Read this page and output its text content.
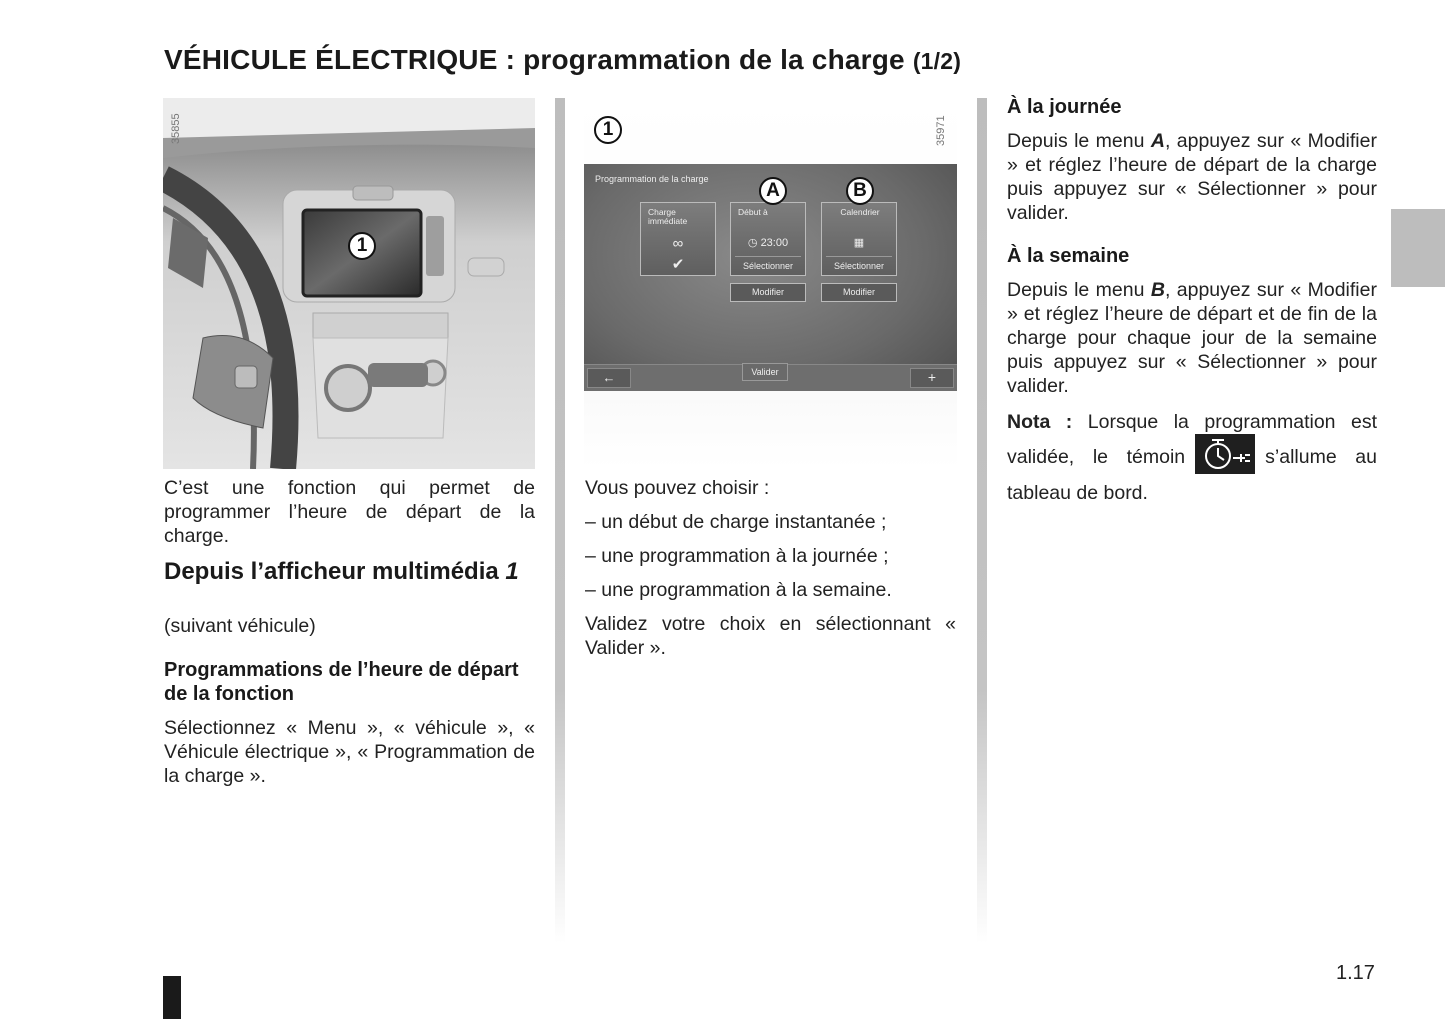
VÉHICULE ÉLECTRIQUE : programmation de la charge (1/2)
1
35855
C’est une fonction qui permet de programmer l’heure de départ de la charge.
Depuis l’afficheur multimédia 1
(suivant véhicule)
Programmations de l’heure de départ de la fonction
Sélectionnez « Menu », « véhicule », « Véhicule électrique », « Programmation de la charge ».
1
Programmation de la charge
Charge immédiate
∞
✔
Début à
◷ 23:00
Sélectionner
Calendrier
▦
Sélectionner
Modifier	Modifier
←	Valider	+
A	B
35971
Vous pouvez choisir :
– un début de charge instantanée ;
– une programmation à la journée ;
– une programmation à la semaine.
Validez votre choix en sélectionnant « Valider ».
À la journée
Depuis le menu A, appuyez sur « Modifier » et réglez l’heure de départ de la charge puis appuyez sur « Sélectionner » pour valider.
À la semaine
Depuis le menu B, appuyez sur « Modifier » et réglez l’heure de départ et de fin de la charge pour chaque jour de la semaine puis appuyez sur « Sélectionner » pour valider.
Nota : Lorsque la programmation est validée, le témoin	s’allume au tableau de bord.
1.17
